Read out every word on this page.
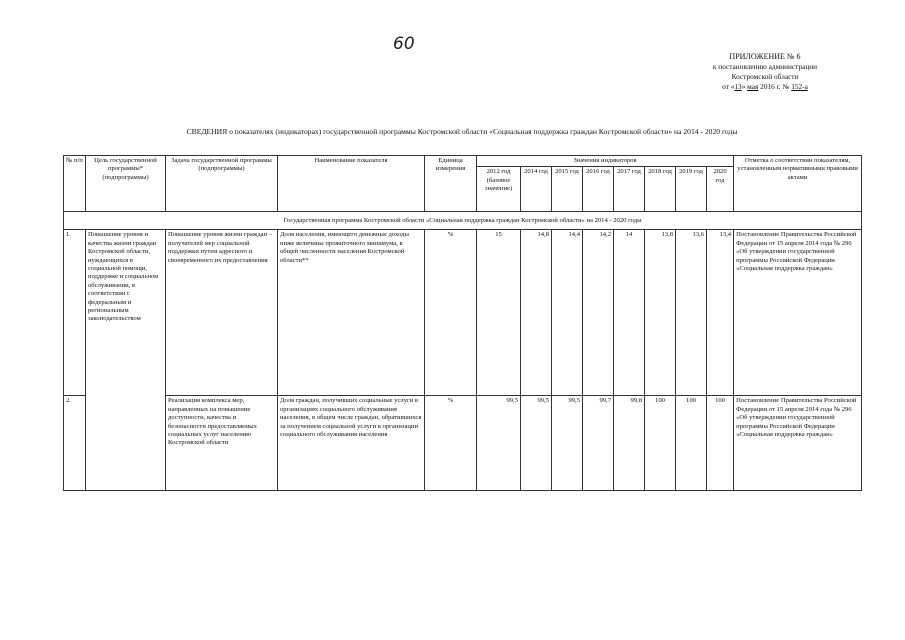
60
ПРИЛОЖЕНИЕ № 6
к постановлению администрации
Костромской области
от «13» мая 2016 г. № 152-а
СВЕДЕНИЯ о показателях (индикаторах) государственной программы Костромской области «Социальная поддержка граждан Костромской области» на 2014 - 2020 годы
№ п/п	Цель государственной программы* (подпрограммы)	Задача государственной программы (подпрограммы)	Наименование показателя	Единица измерения	Значения индикаторов								Отметка о соответствии показателям, установленным нормативными правовыми актами
					2012 год (базовое значение)	2014 год	2015 год	2016 год	2017 год	2018 год	2019 год	2020 год	
Государственная программа Костромской области «Социальная поддержка граждан Костромской области» на 2014 - 2020 годы													
1.	Повышение уровня и качества жизни граждан Костромской области, нуждающихся в социальной помощи, поддержке и социальном обслуживании, в соответствии с федеральным и региональным законодательством	Повышение уровня жизни граждан – получателей мер социальной поддержки путем адресного и своевременного их предоставления	Доля населения, имеющего денежные доходы ниже величины прожиточного минимума, в общей численности населения Костромской области**	%	15	14,8	14,4	14,2	14	13,8	13,6	13,4	Постановление Правительства Российской Федерации от 15 апреля 2014 года № 296 «Об утверждении государственной программы Российской Федерации «Социальная поддержка граждан»
2.		Реализация комплекса мер, направленных на повышение доступности, качества и безопасности предоставляемых социальных услуг населению Костромской области	Доля граждан, получивших социальные услуги в организациях социального обслуживания населения, в общем числе граждан, обратившихся за получением социальной услуги в организации социального обслуживания населения	%	99,5	99,5	99,5	99,7	99,8	100	100	100	Постановление Правительства Российской Федерации от 15 апреля 2014 года № 296 «Об утверждении государственной программы Российской Федерации «Социальная поддержка граждан»
